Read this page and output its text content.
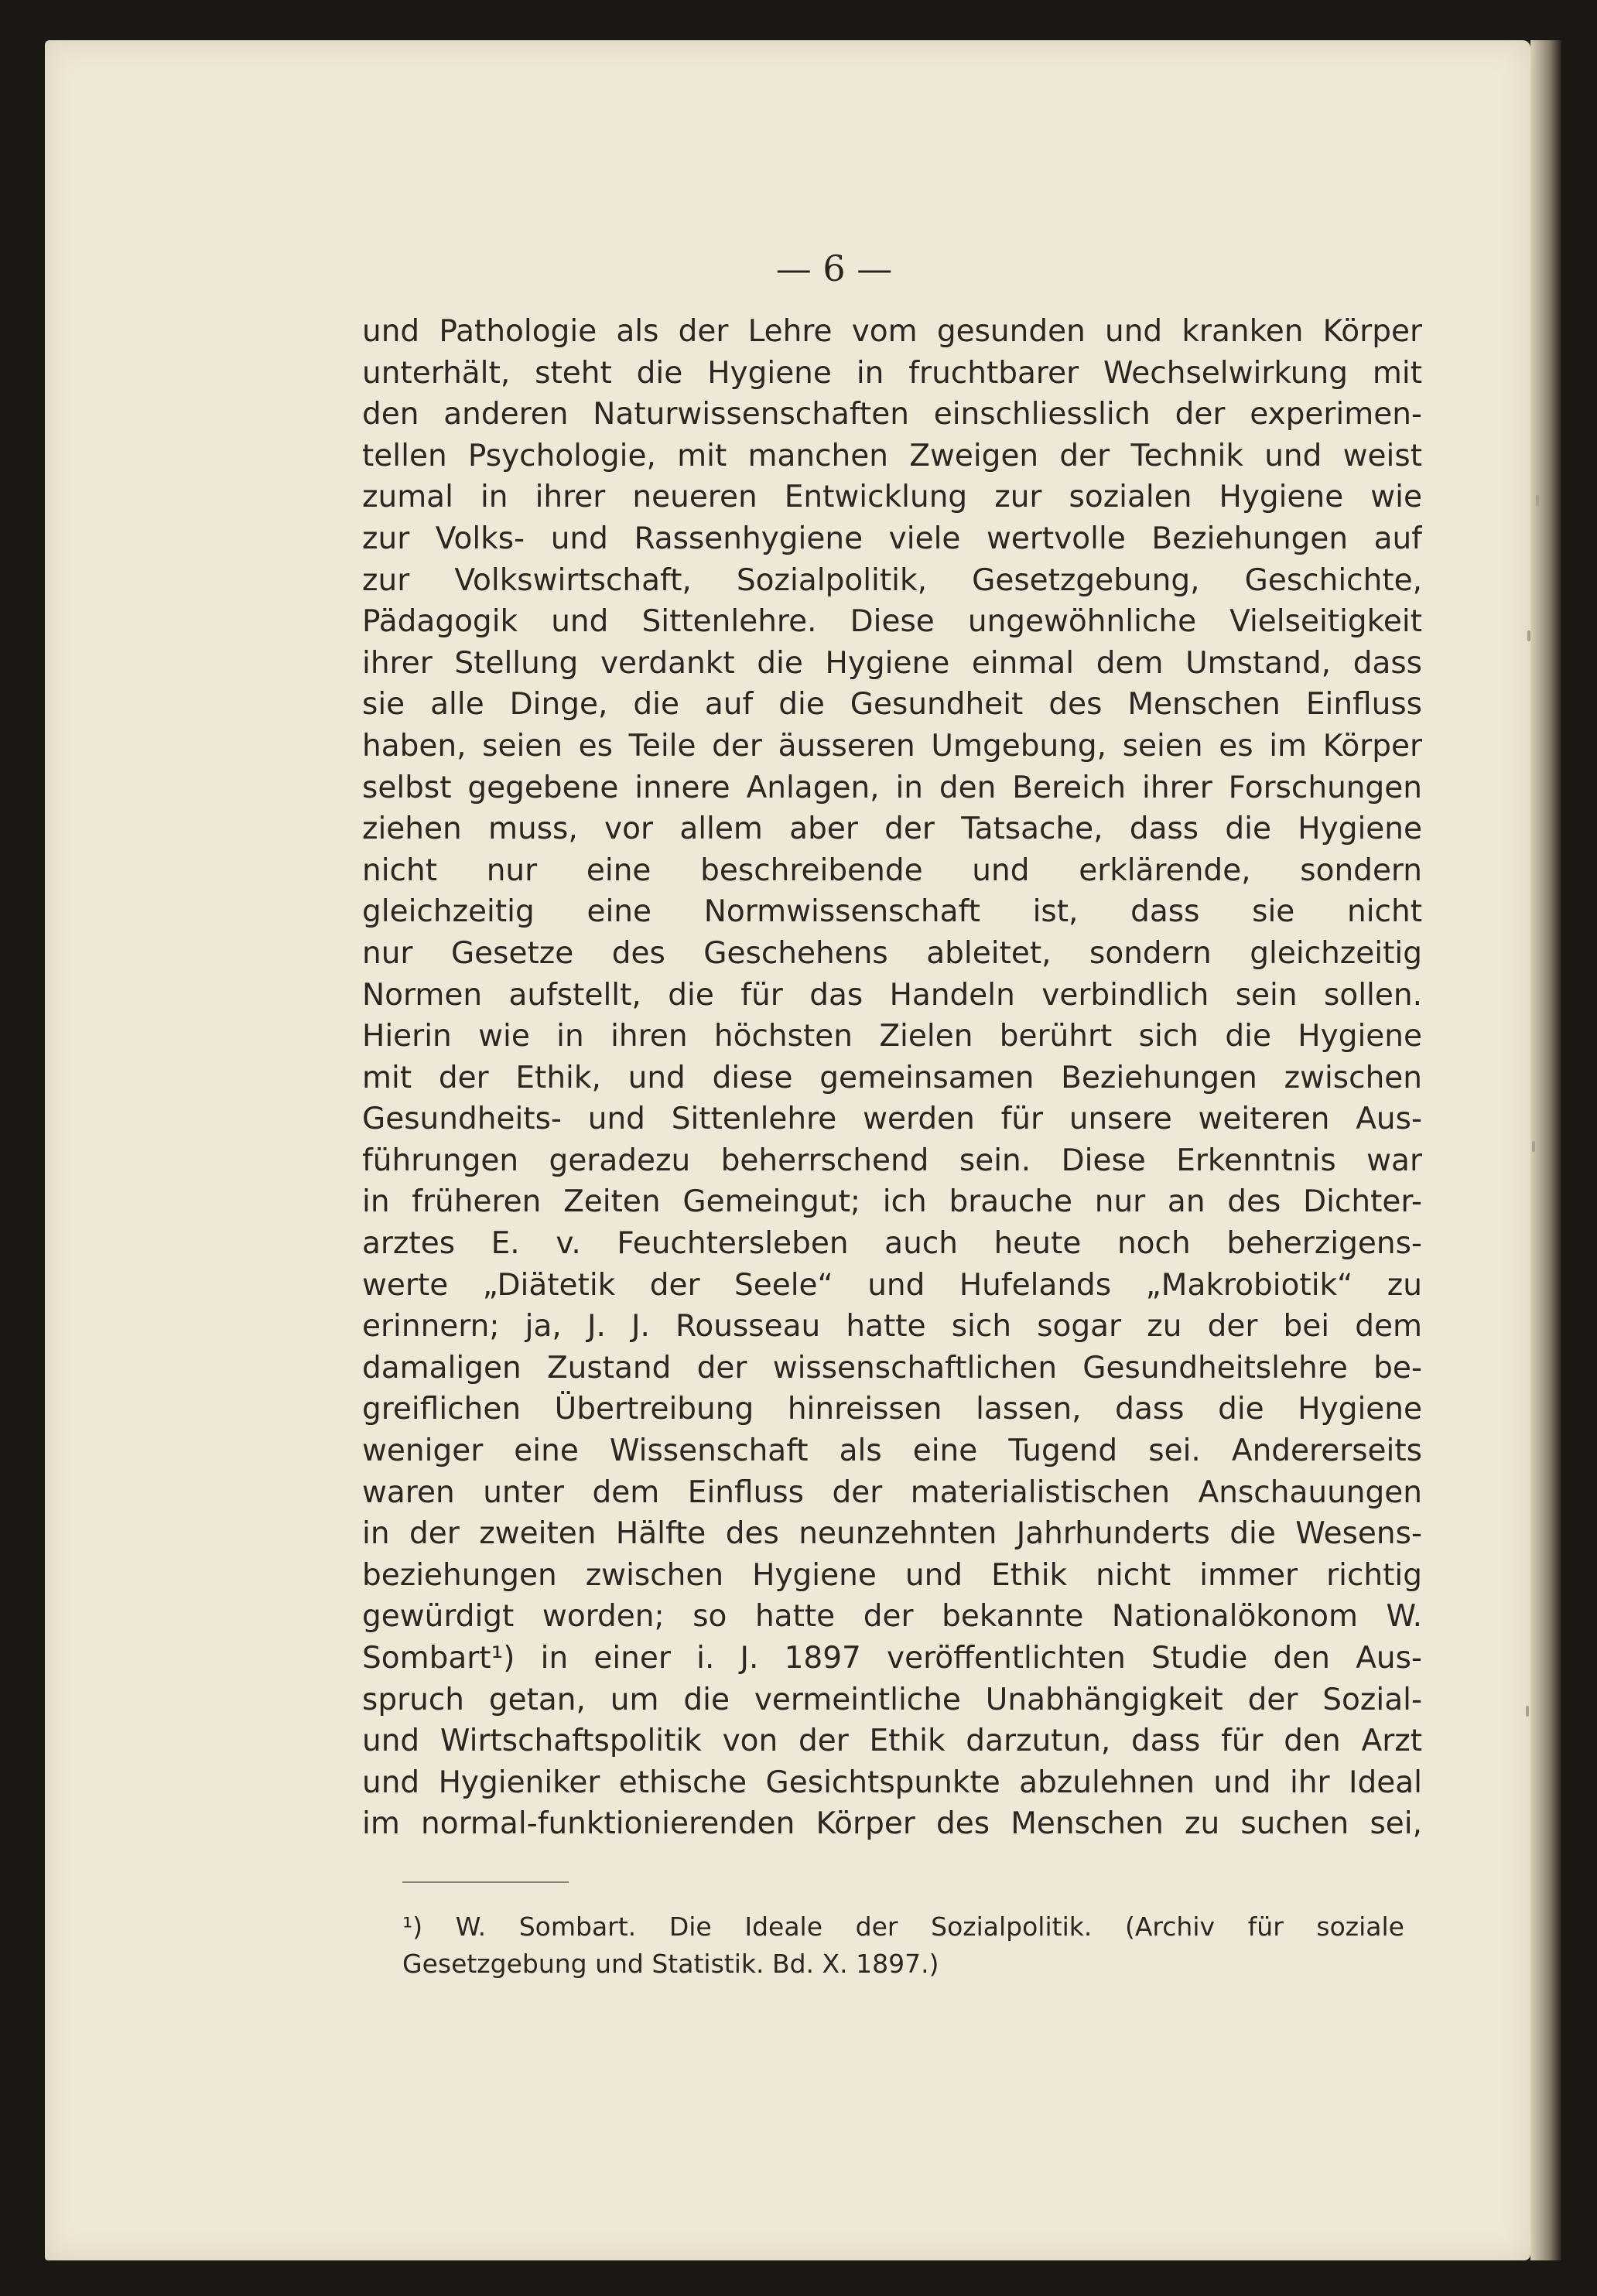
— 6 —
und Pathologie als der Lehre vom gesunden und kranken Körper
unterhält, steht die Hygiene in fruchtbarer Wechselwirkung mit
den anderen Naturwissenschaften einschliesslich der experimen-
tellen Psychologie, mit manchen Zweigen der Technik und weist
zumal in ihrer neueren Entwicklung zur sozialen Hygiene wie
zur Volks- und Rassenhygiene viele wertvolle Beziehungen auf
zur Volkswirtschaft, Sozialpolitik, Gesetzgebung, Geschichte,
Pädagogik und Sittenlehre. Diese ungewöhnliche Vielseitigkeit
ihrer Stellung verdankt die Hygiene einmal dem Umstand, dass
sie alle Dinge, die auf die Gesundheit des Menschen Einfluss
haben, seien es Teile der äusseren Umgebung, seien es im Körper
selbst gegebene innere Anlagen, in den Bereich ihrer Forschungen
ziehen muss, vor allem aber der Tatsache, dass die Hygiene
nicht nur eine beschreibende und erklärende, sondern
gleichzeitig eine Normwissenschaft ist, dass sie nicht
nur Gesetze des Geschehens ableitet, sondern gleichzeitig
Normen aufstellt, die für das Handeln verbindlich sein sollen.
Hierin wie in ihren höchsten Zielen berührt sich die Hygiene
mit der Ethik, und diese gemeinsamen Beziehungen zwischen
Gesundheits- und Sittenlehre werden für unsere weiteren Aus-
führungen geradezu beherrschend sein. Diese Erkenntnis war
in früheren Zeiten Gemeingut; ich brauche nur an des Dichter-
arztes E. v. Feuchtersleben auch heute noch beherzigens-
werte „Diätetik der Seele“ und Hufelands „Makrobiotik“ zu
erinnern; ja, J. J. Rousseau hatte sich sogar zu der bei dem
damaligen Zustand der wissenschaftlichen Gesundheitslehre be-
greiflichen Übertreibung hinreissen lassen, dass die Hygiene
weniger eine Wissenschaft als eine Tugend sei. Andererseits
waren unter dem Einfluss der materialistischen Anschauungen
in der zweiten Hälfte des neunzehnten Jahrhunderts die Wesens-
beziehungen zwischen Hygiene und Ethik nicht immer richtig
gewürdigt worden; so hatte der bekannte Nationalökonom W.
Sombart¹) in einer i. J. 1897 veröffentlichten Studie den Aus-
spruch getan, um die vermeintliche Unabhängigkeit der Sozial-
und Wirtschaftspolitik von der Ethik darzutun, dass für den Arzt
und Hygieniker ethische Gesichtspunkte abzulehnen und ihr Ideal
im normal-funktionierenden Körper des Menschen zu suchen sei,
¹) W. Sombart. Die Ideale der Sozialpolitik. (Archiv für soziale
Gesetzgebung und Statistik. Bd. X. 1897.)
